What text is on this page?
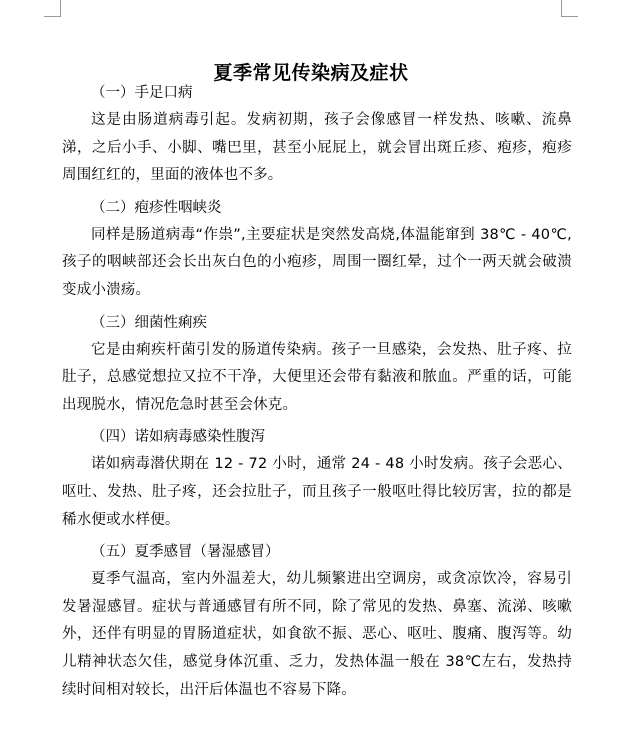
夏季常见传染病及症状

（一）手足口病

这是由肠道病毒引起。发病初期，孩子会像感冒一样发热、咳嗽、流鼻涕，之后小手、小脚、嘴巴里，甚至小屁屁上，就会冒出斑丘疹、疱疹，疱疹周围红红的，里面的液体也不多。

（二）疱疹性咽峡炎

同样是肠道病毒“作祟”,主要症状是突然发高烧,体温能窜到 38℃ - 40℃,孩子的咽峡部还会长出灰白色的小疱疹，周围一圈红晕，过个一两天就会破溃变成小溃疡。

（三）细菌性痢疾

它是由痢疾杆菌引发的肠道传染病。孩子一旦感染，会发热、肚子疼、拉肚子，总感觉想拉又拉不干净，大便里还会带有黏液和脓血。严重的话，可能出现脱水，情况危急时甚至会休克。

（四）诺如病毒感染性腹泻

诺如病毒潜伏期在 12 - 72 小时，通常 24 - 48 小时发病。孩子会恶心、呕吐、发热、肚子疼，还会拉肚子，而且孩子一般呕吐得比较厉害，拉的都是稀水便或水样便。

（五）夏季感冒（暑湿感冒）

夏季气温高，室内外温差大，幼儿频繁进出空调房，或贪凉饮冷，容易引发暑湿感冒。症状与普通感冒有所不同，除了常见的发热、鼻塞、流涕、咳嗽外，还伴有明显的胃肠道症状，如食欲不振、恶心、呕吐、腹痛、腹泻等。幼儿精神状态欠佳，感觉身体沉重、乏力，发热体温一般在 38℃左右，发热持续时间相对较长，出汗后体温也不容易下降。
